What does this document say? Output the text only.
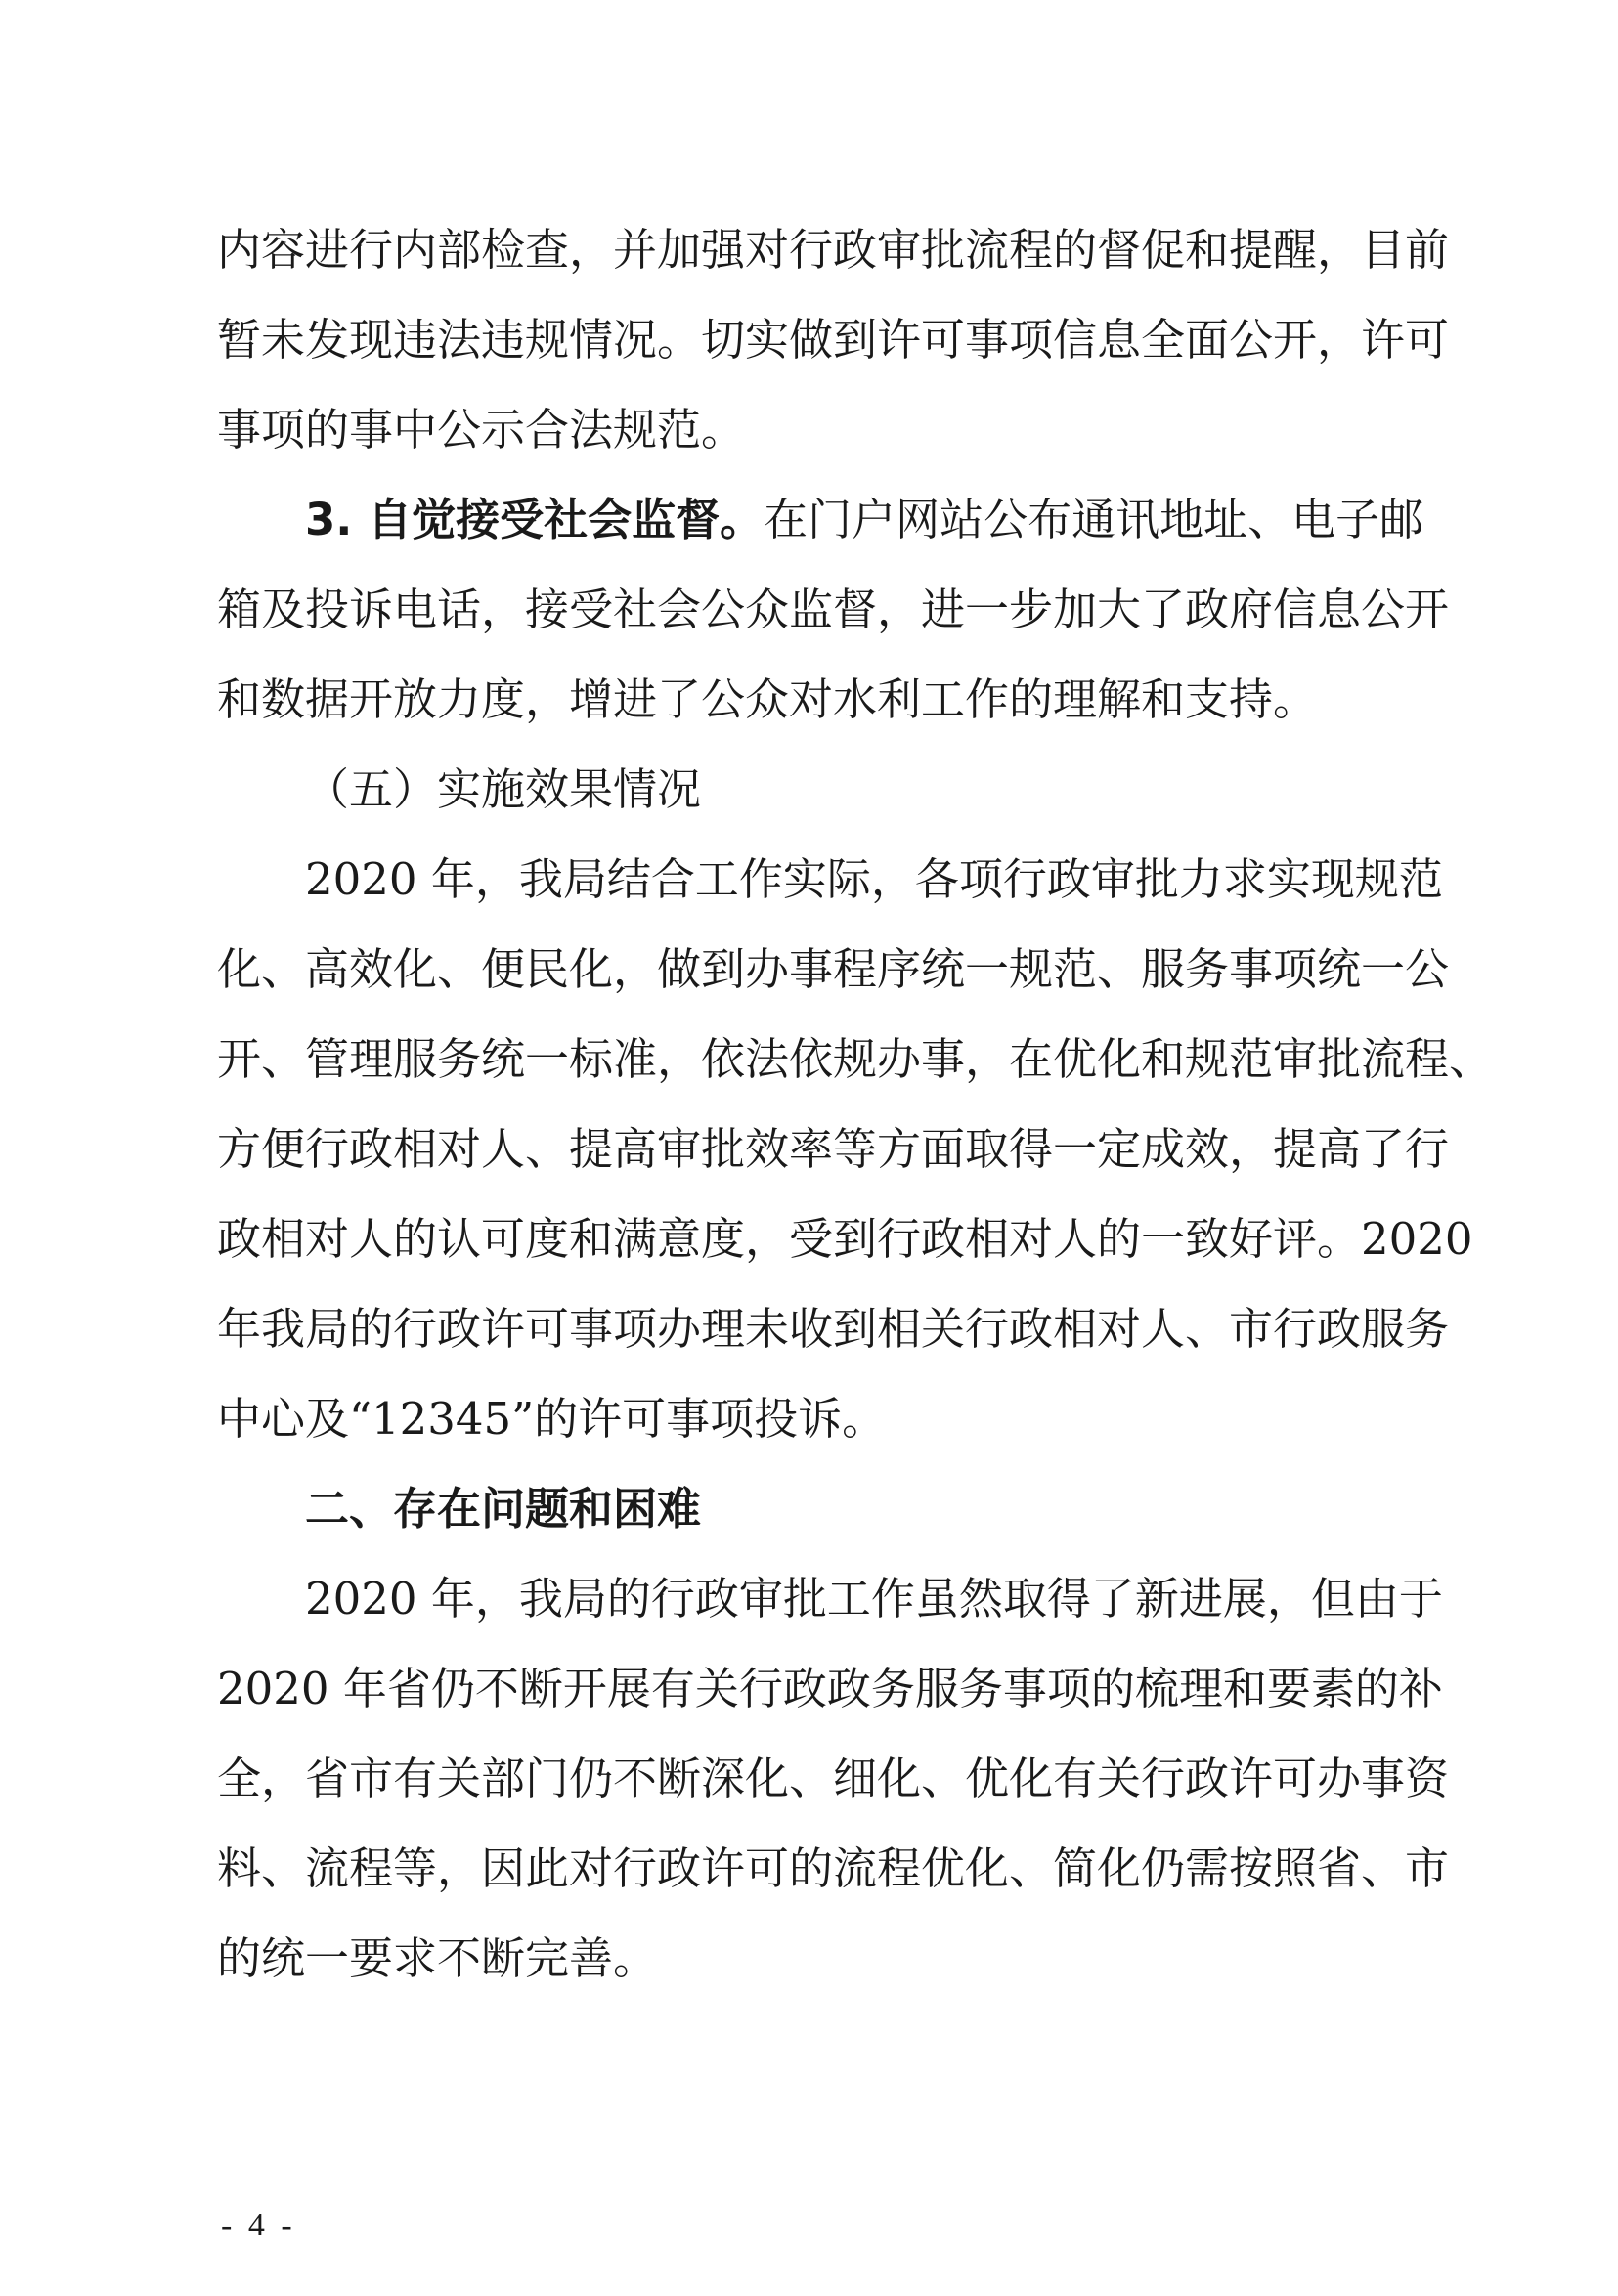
内容进行内部检查，并加强对行政审批流程的督促和提醒，目前
暂未发现违法违规情况。切实做到许可事项信息全面公开，许可
事项的事中公示合法规范。
3. 自觉接受社会监督。在门户网站公布通讯地址、电子邮
箱及投诉电话，接受社会公众监督，进一步加大了政府信息公开
和数据开放力度，增进了公众对水利工作的理解和支持。
（五）实施效果情况
2020 年，我局结合工作实际，各项行政审批力求实现规范
化、高效化、便民化，做到办事程序统一规范、服务事项统一公
开、管理服务统一标准，依法依规办事，在优化和规范审批流程、
方便行政相对人、提高审批效率等方面取得一定成效，提高了行
政相对人的认可度和满意度，受到行政相对人的一致好评。2020
年我局的行政许可事项办理未收到相关行政相对人、市行政服务
中心及“12345”的许可事项投诉。
二、存在问题和困难
2020 年，我局的行政审批工作虽然取得了新进展，但由于
2020 年省仍不断开展有关行政政务服务事项的梳理和要素的补
全，省市有关部门仍不断深化、细化、优化有关行政许可办事资
料、流程等，因此对行政许可的流程优化、简化仍需按照省、市
的统一要求不断完善。
- 4 -
